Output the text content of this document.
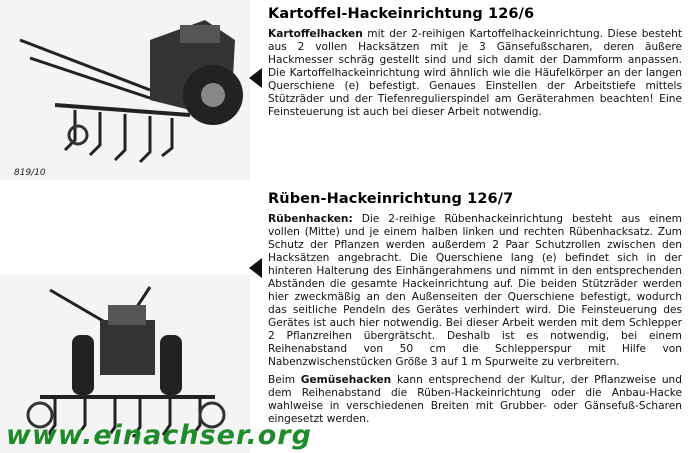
819/10
Kartoffel-Hackeinrichtung 126/6

Kartoffelhacken mit der 2-reihigen Kartoffelhackeinrichtung. Diese besteht aus 2 vollen Hacksätzen mit je 3 Gänsefußscharen, deren äußere Hackmesser schräg gestellt sind und sich damit der Dammform anpassen. Die Kartoffelhackeinrichtung wird ähnlich wie die Häufelkörper an der langen Querschiene (e) befestigt. Genaues Einstellen der Arbeitstiefe mittels Stützräder und der Tiefenregulierspindel am Geräterahmen beachten! Eine Feinsteuerung ist auch bei dieser Arbeit notwendig.

Rüben-Hackeinrichtung 126/7

Rübenhacken: Die 2-reihige Rübenhackeinrichtung besteht aus einem vollen (Mitte) und je einem halben linken und rechten Rübenhacksatz. Zum Schutz der Pflanzen werden außerdem 2 Paar Schutzrollen zwischen den Hacksätzen angebracht. Die Querschiene lang (e) befindet sich in der hinteren Halterung des Einhängerahmens und nimmt in den entsprechenden Abständen die gesamte Hackeinrichtung auf. Die beiden Stützräder werden hier zweckmäßig an den Außenseiten der Querschiene befestigt, wodurch das seitliche Pendeln des Gerätes verhindert wird. Die Feinsteuerung des Gerätes ist auch hier notwendig. Bei dieser Arbeit werden mit dem Schlepper 2 Pflanzreihen übergrätscht. Deshalb ist es notwendig, bei einem Reihenabstand von 50 cm die Schlepperspur mit Hilfe von Nabenzwischenstücken Größe 3 auf 1 m Spurweite zu verbreitern.

Beim Gemüsehacken kann entsprechend der Kultur, der Pflanzweise und dem Reihenabstand die Rüben-Hackeinrichtung oder die Anbau-Hacke wahlweise in verschiedenen Breiten mit Grubber- oder Gänsefuß-Scharen eingesetzt werden.

www.einachser.org
